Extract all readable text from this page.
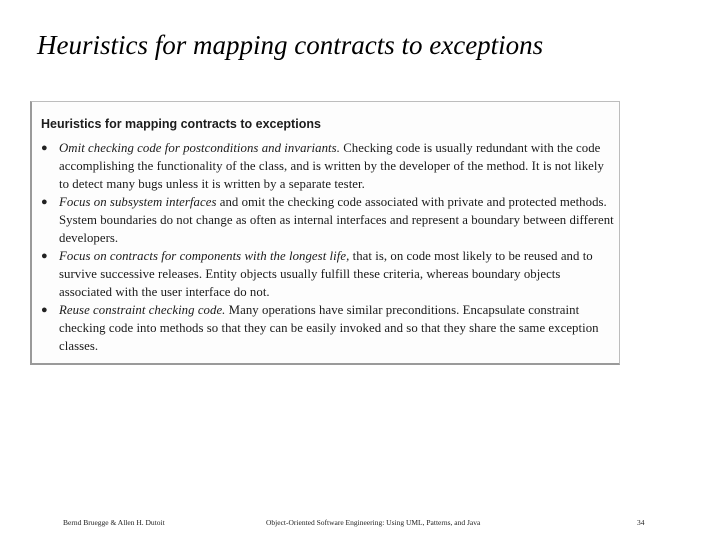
Heuristics for mapping contracts to exceptions
Heuristics for mapping contracts to exceptions
● Omit checking code for postconditions and invariants. Checking code is usually redundant with the code accomplishing the functionality of the class, and is written by the developer of the method. It is not likely to detect many bugs unless it is written by a separate tester.
● Focus on subsystem interfaces and omit the checking code associated with private and protected methods. System boundaries do not change as often as internal interfaces and represent a boundary between different developers.
● Focus on contracts for components with the longest life, that is, on code most likely to be reused and to survive successive releases. Entity objects usually fulfill these criteria, whereas boundary objects associated with the user interface do not.
● Reuse constraint checking code. Many operations have similar preconditions. Encapsulate constraint checking code into methods so that they can be easily invoked and so that they share the same exception classes.
Bernd Bruegge & Allen H. Dutoit	Object-Oriented Software Engineering: Using UML, Patterns, and Java	34
